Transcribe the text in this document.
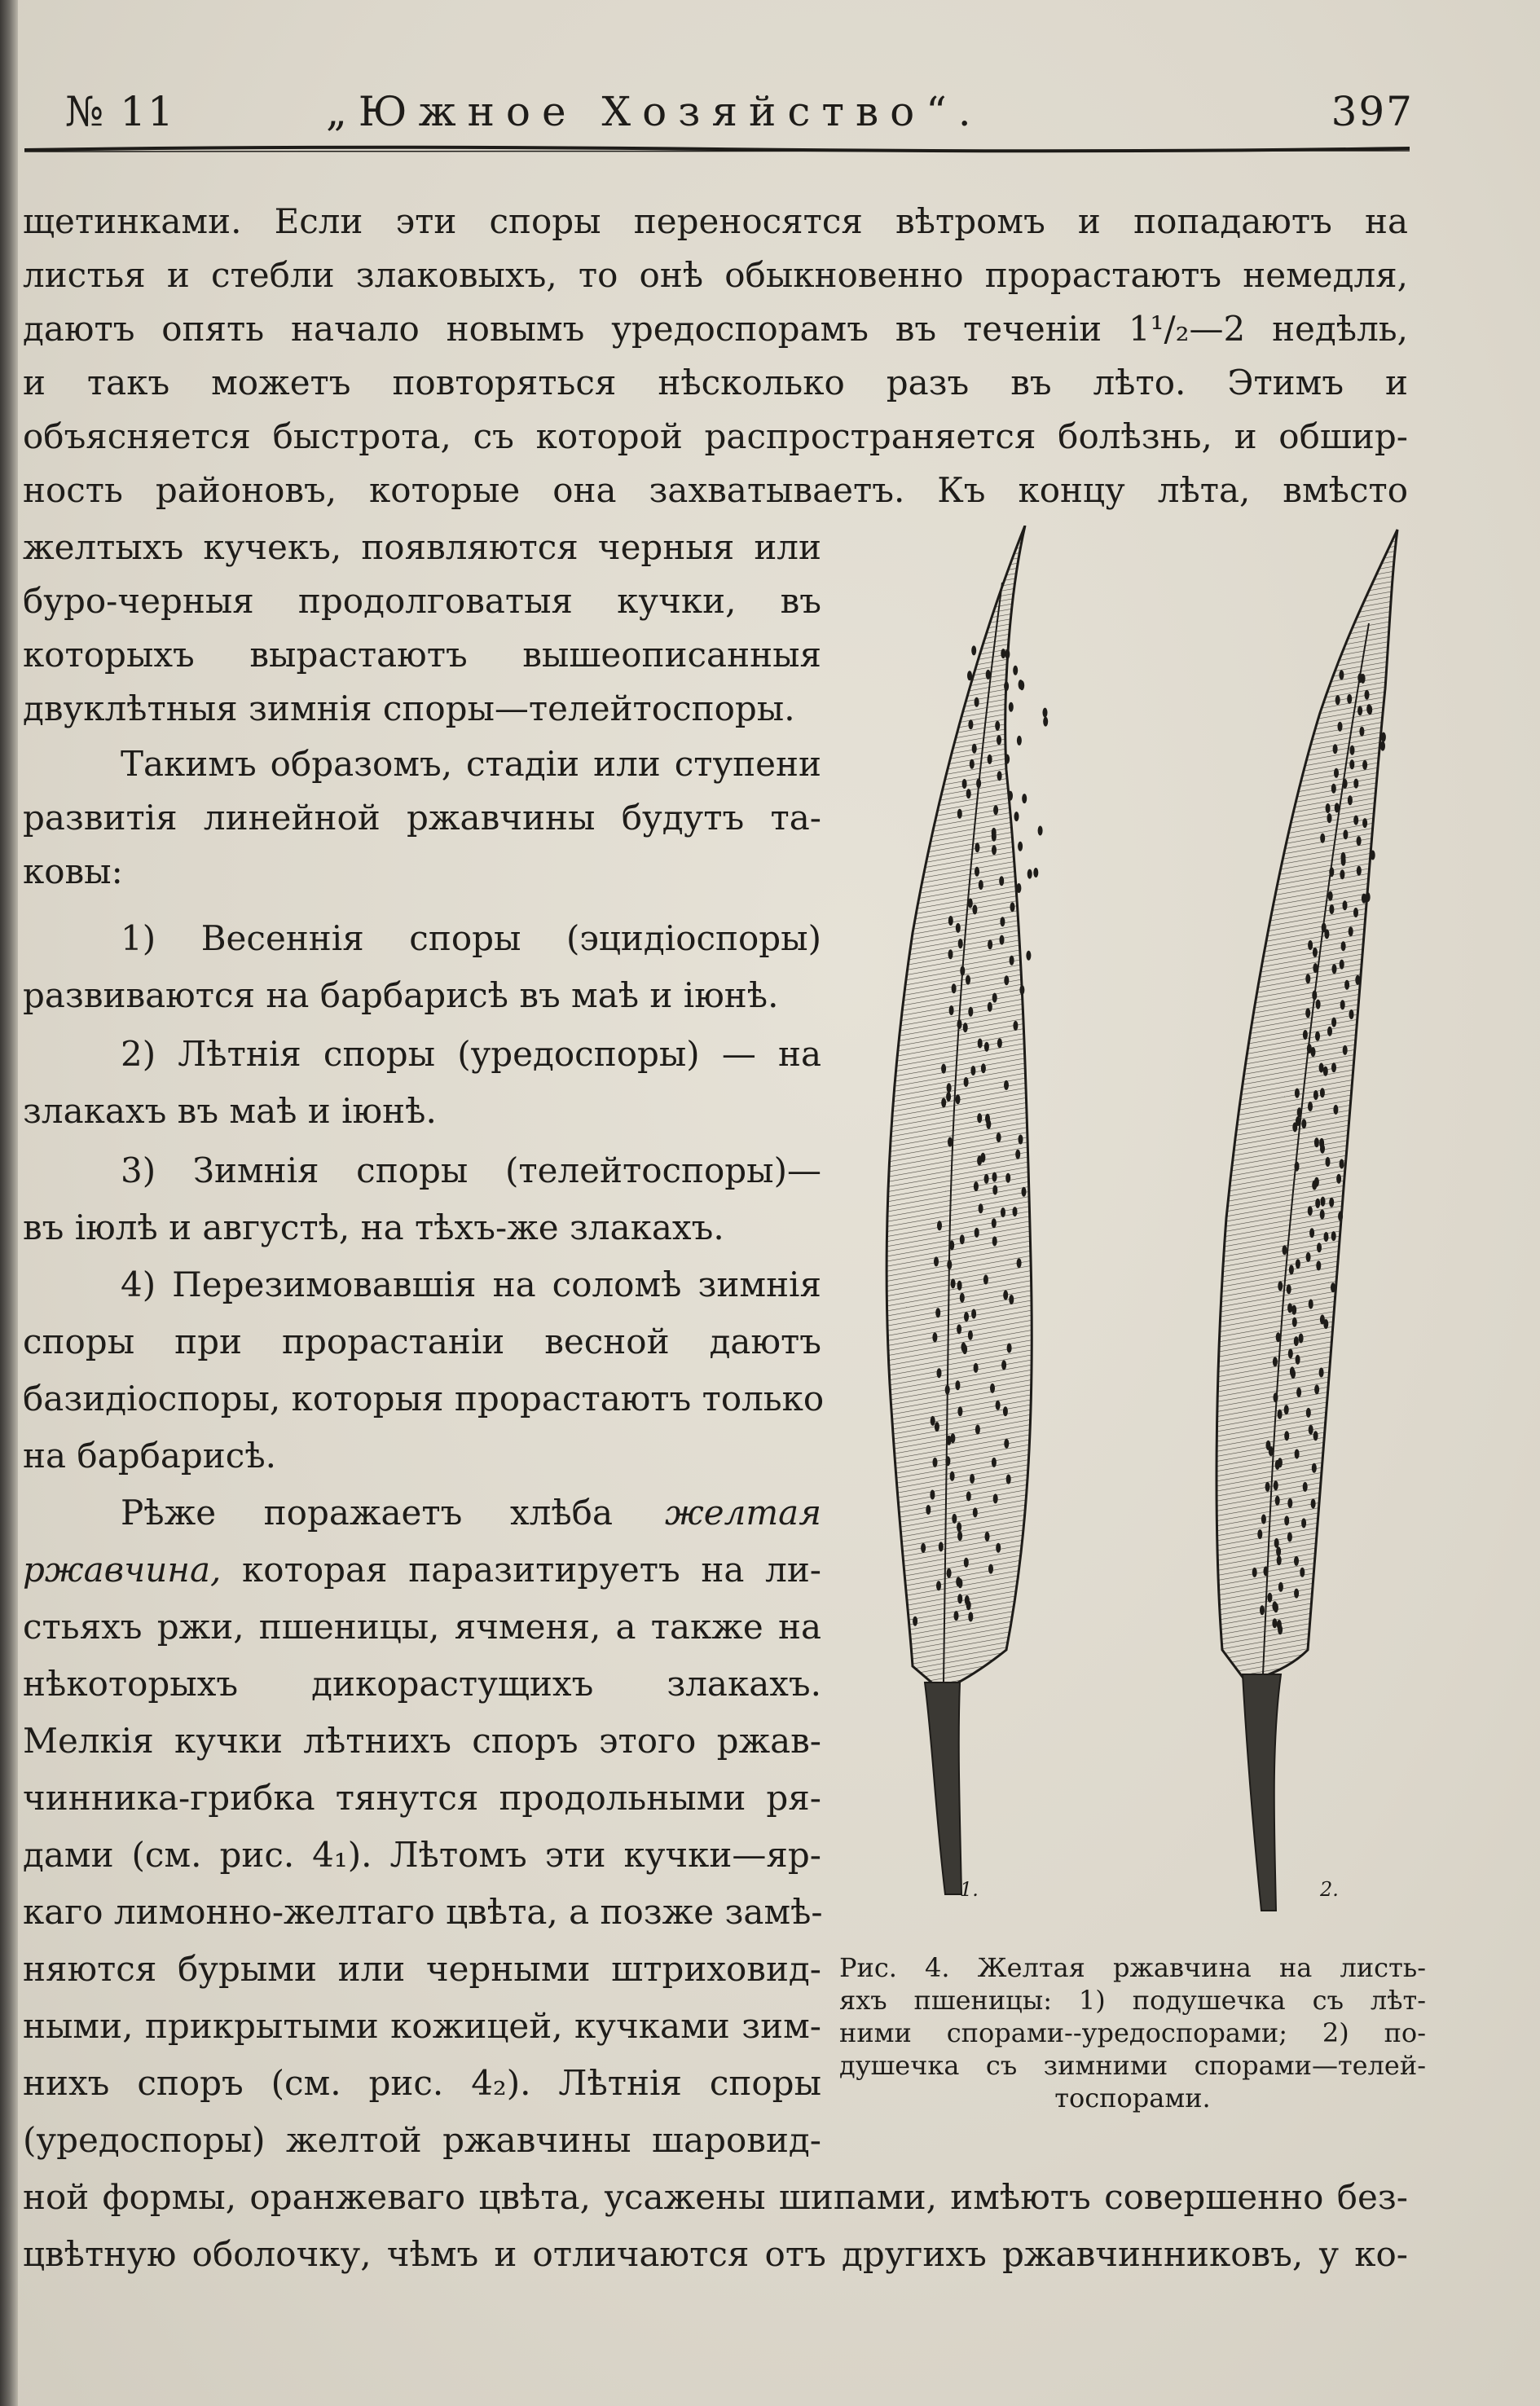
№ 11	„Южное Хозяйство“.	397
щетинками. Если эти споры переносятся вѣтромъ и попадаютъ на
листья и стебли злаковыхъ, то онѣ обыкновенно прорастаютъ немедля,
даютъ опять начало новымъ уредоспорамъ въ теченіи 1¹/₂—2 недѣль,
и такъ можетъ повторяться нѣсколько разъ въ лѣто. Этимъ и
объясняется быстрота, съ которой распространяется болѣзнь, и обшир-
ность районовъ, которые она захватываетъ. Къ концу лѣта, вмѣсто
желтыхъ кучекъ, появляются черныя или
буро-черныя продолговатыя кучки, въ
которыхъ вырастаютъ вышеописанныя
двуклѣтныя зимнія споры—телейтоспоры.
Такимъ образомъ, стадіи или ступени
развитія линейной ржавчины будутъ та-
ковы:
1) Весеннія споры (эцидіоспоры)
развиваются на барбарисѣ въ маѣ и іюнѣ.
2) Лѣтнія споры (уредоспоры) — на
злакахъ въ маѣ и іюнѣ.
3) Зимнія споры (телейтоспоры)—
въ іюлѣ и августѣ, на тѣхъ-же злакахъ.
4) Перезимовавшія на соломѣ зимнія
споры при прорастаніи весной даютъ
базидіоспоры, которыя прорастаютъ только
на барбарисѣ.
Рѣже поражаетъ хлѣба желтая
ржавчина, которая паразитируетъ на ли-
стьяхъ ржи, пшеницы, ячменя, а также на
нѣкоторыхъ дикорастущихъ злакахъ.
Мелкія кучки лѣтнихъ споръ этого ржав-
чинника-грибка тянутся продольными ря-
дами (см. рис. 4₁). Лѣтомъ эти кучки—яр-
каго лимонно-желтаго цвѣта, а позже замѣ-
няются бурыми или черными штриховид-
ными, прикрытыми кожицей, кучками зим-
нихъ споръ (см. рис. 4₂). Лѣтнія споры
(уредоспоры) желтой ржавчины шаровид-
ной формы, оранжеваго цвѣта, усажены шипами, имѣютъ совершенно без-
цвѣтную оболочку, чѣмъ и отличаются отъ другихъ ржавчинниковъ, у ко-
1.	2.
Рис. 4. Желтая ржавчина на листь-
яхъ пшеницы: 1) подушечка съ лѣт-
ними спорами--уредоспорами; 2) по-
душечка съ зимними спорами—телей-
тоспорами.
